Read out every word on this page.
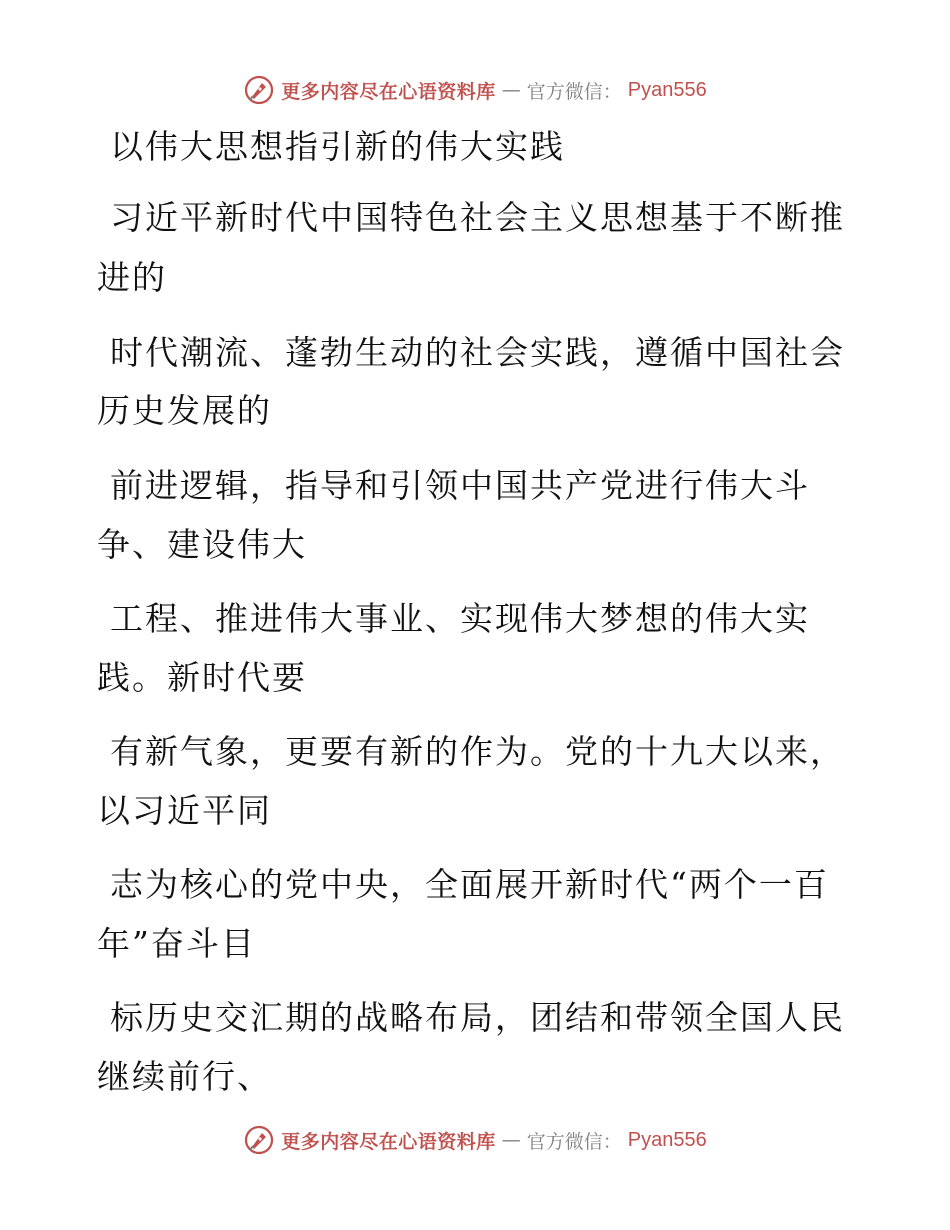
更多内容尽在心语资料库 — 官方微信： Pyan556
以伟大思想指引新的伟大实践
习近平新时代中国特色社会主义思想基于不断推
进的
时代潮流、蓬勃生动的社会实践，遵循中国社会
历史发展的
前进逻辑，指导和引领中国共产党进行伟大斗
争、建设伟大
工程、推进伟大事业、实现伟大梦想的伟大实
践。新时代要
有新气象，更要有新的作为。党的十九大以来，
以习近平同
志为核心的党中央，全面展开新时代“两个一百
年”奋斗目
标历史交汇期的战略布局，团结和带领全国人民
继续前行、
更多内容尽在心语资料库 — 官方微信： Pyan556
